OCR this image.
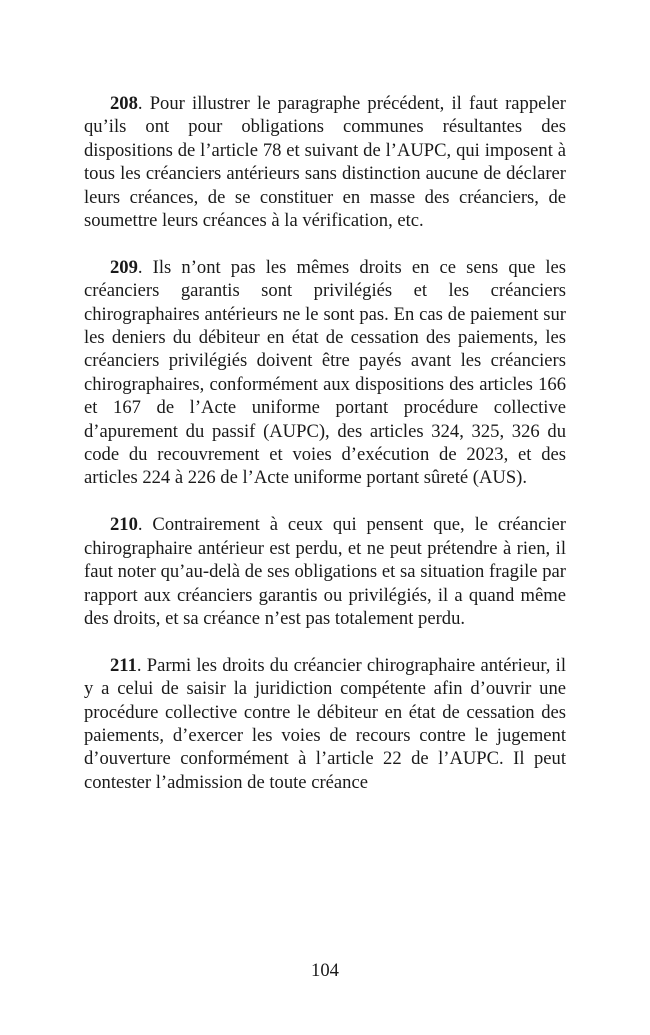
208. Pour illustrer le paragraphe précédent, il faut rappeler qu’ils ont pour obligations communes résultantes des dispositions de l’article 78 et suivant de l’AUPC, qui imposent à tous les créanciers antérieurs sans distinction aucune de déclarer leurs créances, de se constituer en masse des créanciers, de soumettre leurs créances à la vérification, etc.

209. Ils n’ont pas les mêmes droits en ce sens que les créanciers garantis sont privilégiés et les créanciers chirographaires antérieurs ne le sont pas. En cas de paiement sur les deniers du débiteur en état de cessation des paiements, les créanciers privilégiés doivent être payés avant les créanciers chirographaires, conformément aux dispositions des articles 166 et 167 de l’Acte uniforme portant procédure collective d’apurement du passif (AUPC), des articles 324, 325, 326 du code du recouvrement et voies d’exécution de 2023, et des articles 224 à 226 de l’Acte uniforme portant sûreté (AUS).

210. Contrairement à ceux qui pensent que, le créancier chirographaire antérieur est perdu, et ne peut prétendre à rien, il faut noter qu’au-delà de ses obligations et sa situation fragile par rapport aux créanciers garantis ou privilégiés, il a quand même des droits, et sa créance n’est pas totalement perdu.

211. Parmi les droits du créancier chirographaire antérieur, il y a celui de saisir la juridiction compétente afin d’ouvrir une procédure collective contre le débiteur en état de cessation des paiements, d’exercer les voies de recours contre le jugement d’ouverture conformément à l’article 22 de l’AUPC. Il peut contester l’admission de toute créance

104
